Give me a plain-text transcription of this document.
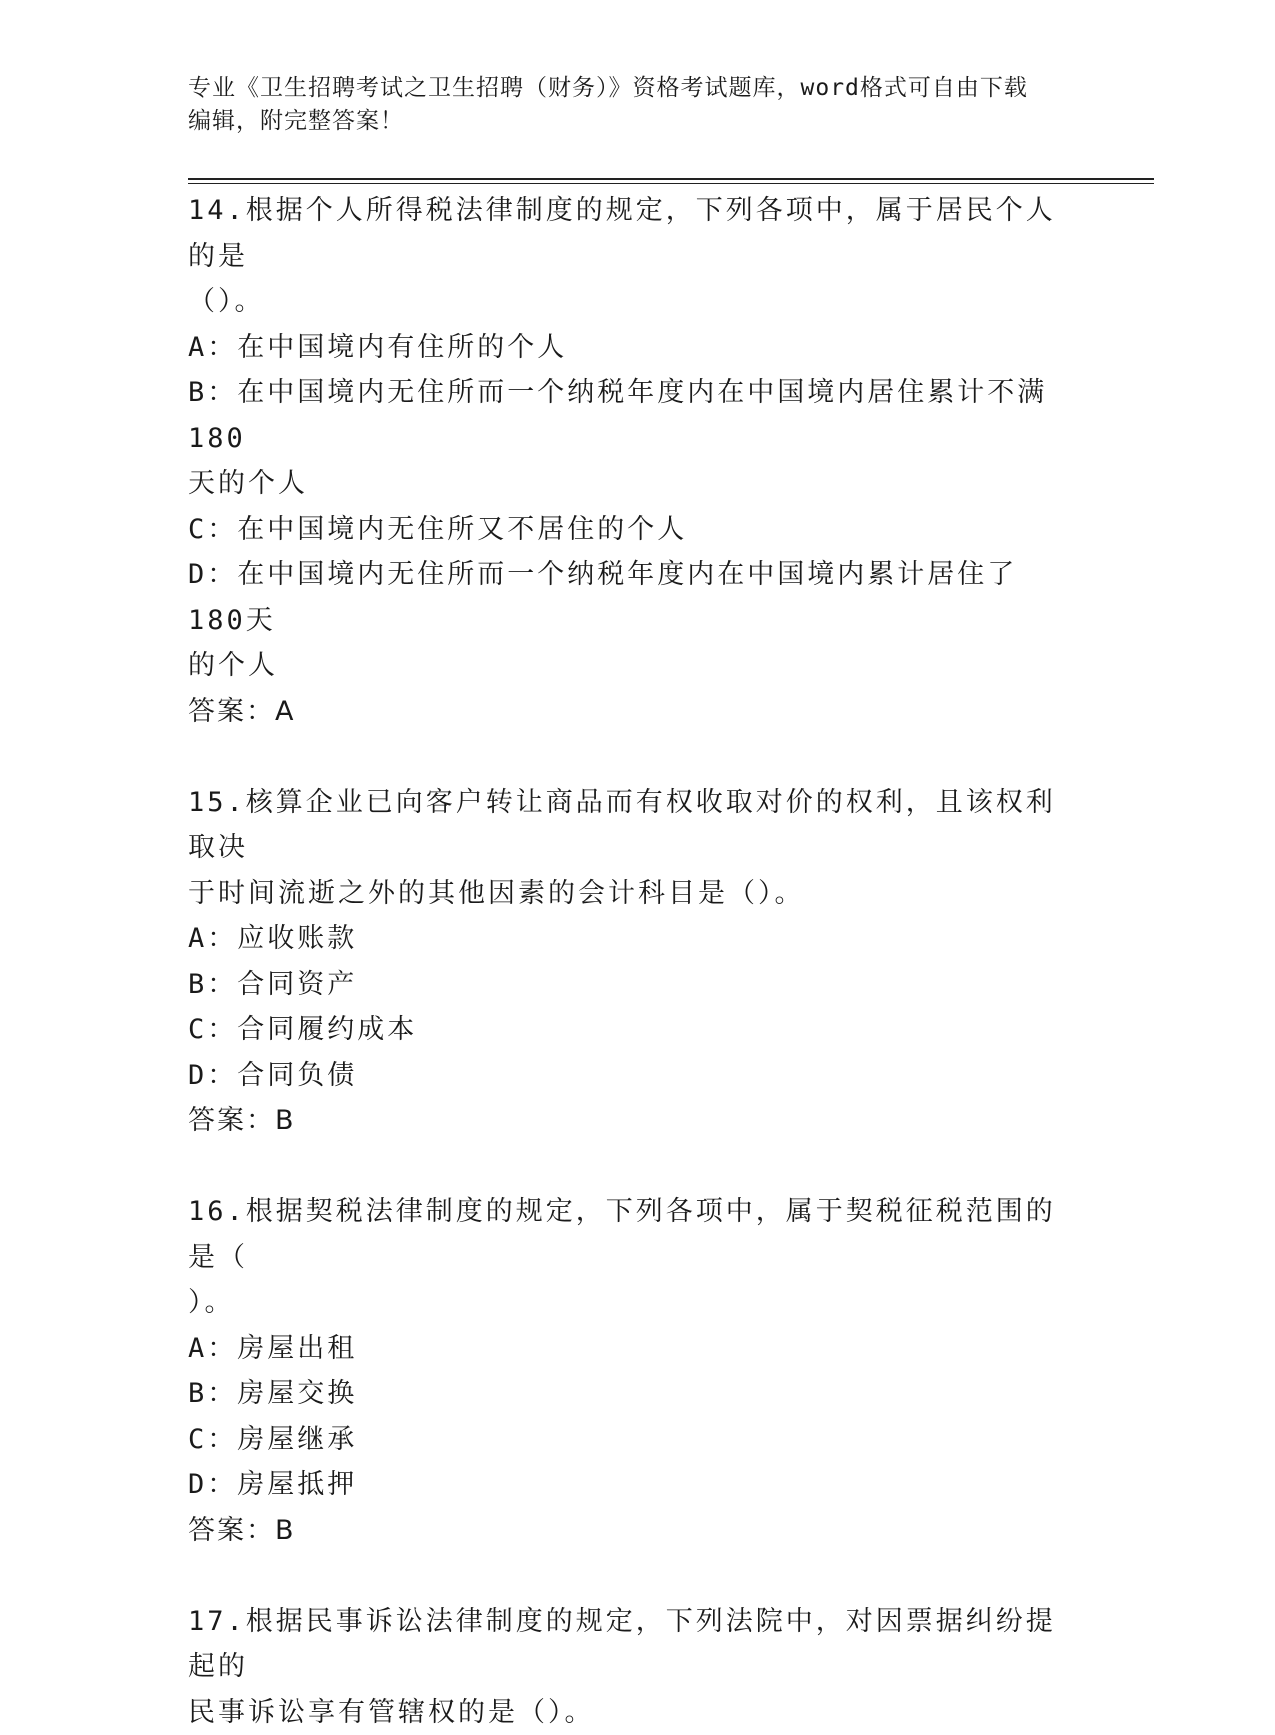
专业《卫生招聘考试之卫生招聘（财务）》资格考试题库，word格式可自由下载
编辑，附完整答案！

14.根据个人所得税法律制度的规定，下列各项中，属于居民个人的是

（）。

A：在中国境内有住所的个人

B：在中国境内无住所而一个纳税年度内在中国境内居住累计不满180

天的个人

C：在中国境内无住所又不居住的个人

D：在中国境内无住所而一个纳税年度内在中国境内累计居住了180天

的个人

答案：A

15.核算企业已向客户转让商品而有权收取对价的权利，且该权利取决

于时间流逝之外的其他因素的会计科目是（）。

A：应收账款

B：合同资产

C：合同履约成本

D：合同负债

答案：B

16.根据契税法律制度的规定，下列各项中，属于契税征税范围的是（

）。

A：房屋出租

B：房屋交换

C：房屋继承

D：房屋抵押

答案：B

17.根据民事诉讼法律制度的规定，下列法院中，对因票据纠纷提起的

民事诉讼享有管辖权的是（）。
